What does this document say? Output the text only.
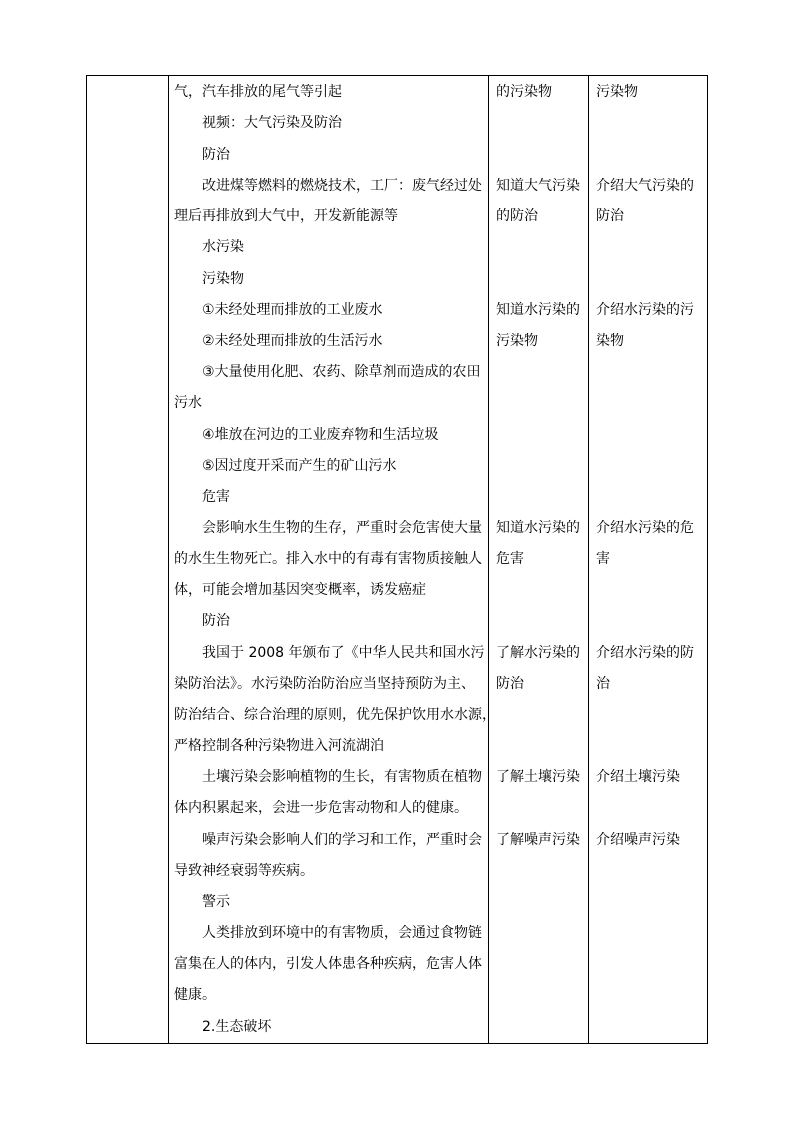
气，汽车排放的尾气等引起
视频：大气污染及防治
防治
改进煤等燃料的燃烧技术，工厂：废气经过处
理后再排放到大气中，开发新能源等
水污染
污染物
①未经处理而排放的工业废水
②未经处理而排放的生活污水
③大量使用化肥、农药、除草剂而造成的农田
污水
④堆放在河边的工业废弃物和生活垃圾
⑤因过度开采而产生的矿山污水
危害
会影响水生生物的生存，严重时会危害使大量
的水生生物死亡。排入水中的有毒有害物质接触人
体，可能会增加基因突变概率，诱发癌症
防治
我国于 2008 年颁布了《中华人民共和国水污
染防治法》。水污染防治防治应当坚持预防为主、
防治结合、综合治理的原则，优先保护饮用水水源，
严格控制各种污染物进入河流湖泊
土壤污染会影响植物的生长，有害物质在植物
体内积累起来，会进一步危害动物和人的健康。
噪声污染会影响人们的学习和工作，严重时会
导致神经衰弱等疾病。
警示
人类排放到环境中的有害物质，会通过食物链
富集在人的体内，引发人体患各种疾病，危害人体
健康。
2.生态破坏
的污染物
知道大气污染
的防治
知道水污染的
污染物
知道水污染的
危害
了解水污染的
防治
了解土壤污染
了解噪声污染
污染物
介绍大气污染的
防治
介绍水污染的污
染物
介绍水污染的危
害
介绍水污染的防
治
介绍土壤污染
介绍噪声污染
